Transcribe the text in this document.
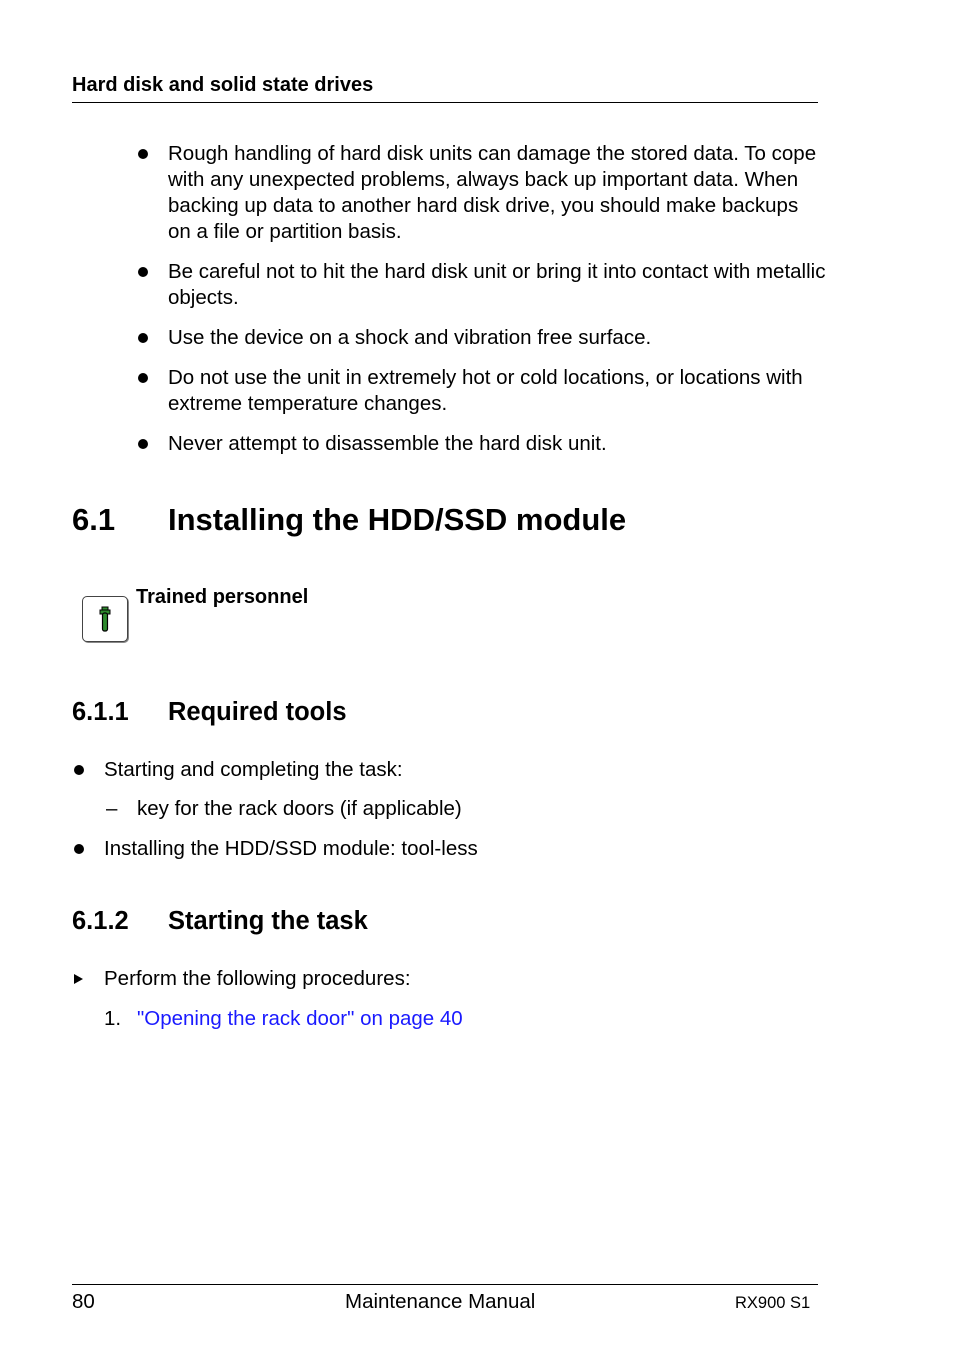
Hard disk and solid state drives
Rough handling of hard disk units can damage the stored data. To cope with any unexpected problems, always back up important data. When backing up data to another hard disk drive, you should make backups on a file or partition basis.
Be careful not to hit the hard disk unit or bring it into contact with metallic objects.
Use the device on a shock and vibration free surface.
Do not use the unit in extremely hot or cold locations, or locations with extreme temperature changes.
Never attempt to disassemble the hard disk unit.
6.1 Installing the HDD/SSD module
Trained personnel
6.1.1 Required tools
Starting and completing the task:
– key for the rack doors (if applicable)
Installing the HDD/SSD module: tool-less
6.1.2 Starting the task
Perform the following procedures:
1. "Opening the rack door" on page 40
80	Maintenance Manual	RX900 S1
